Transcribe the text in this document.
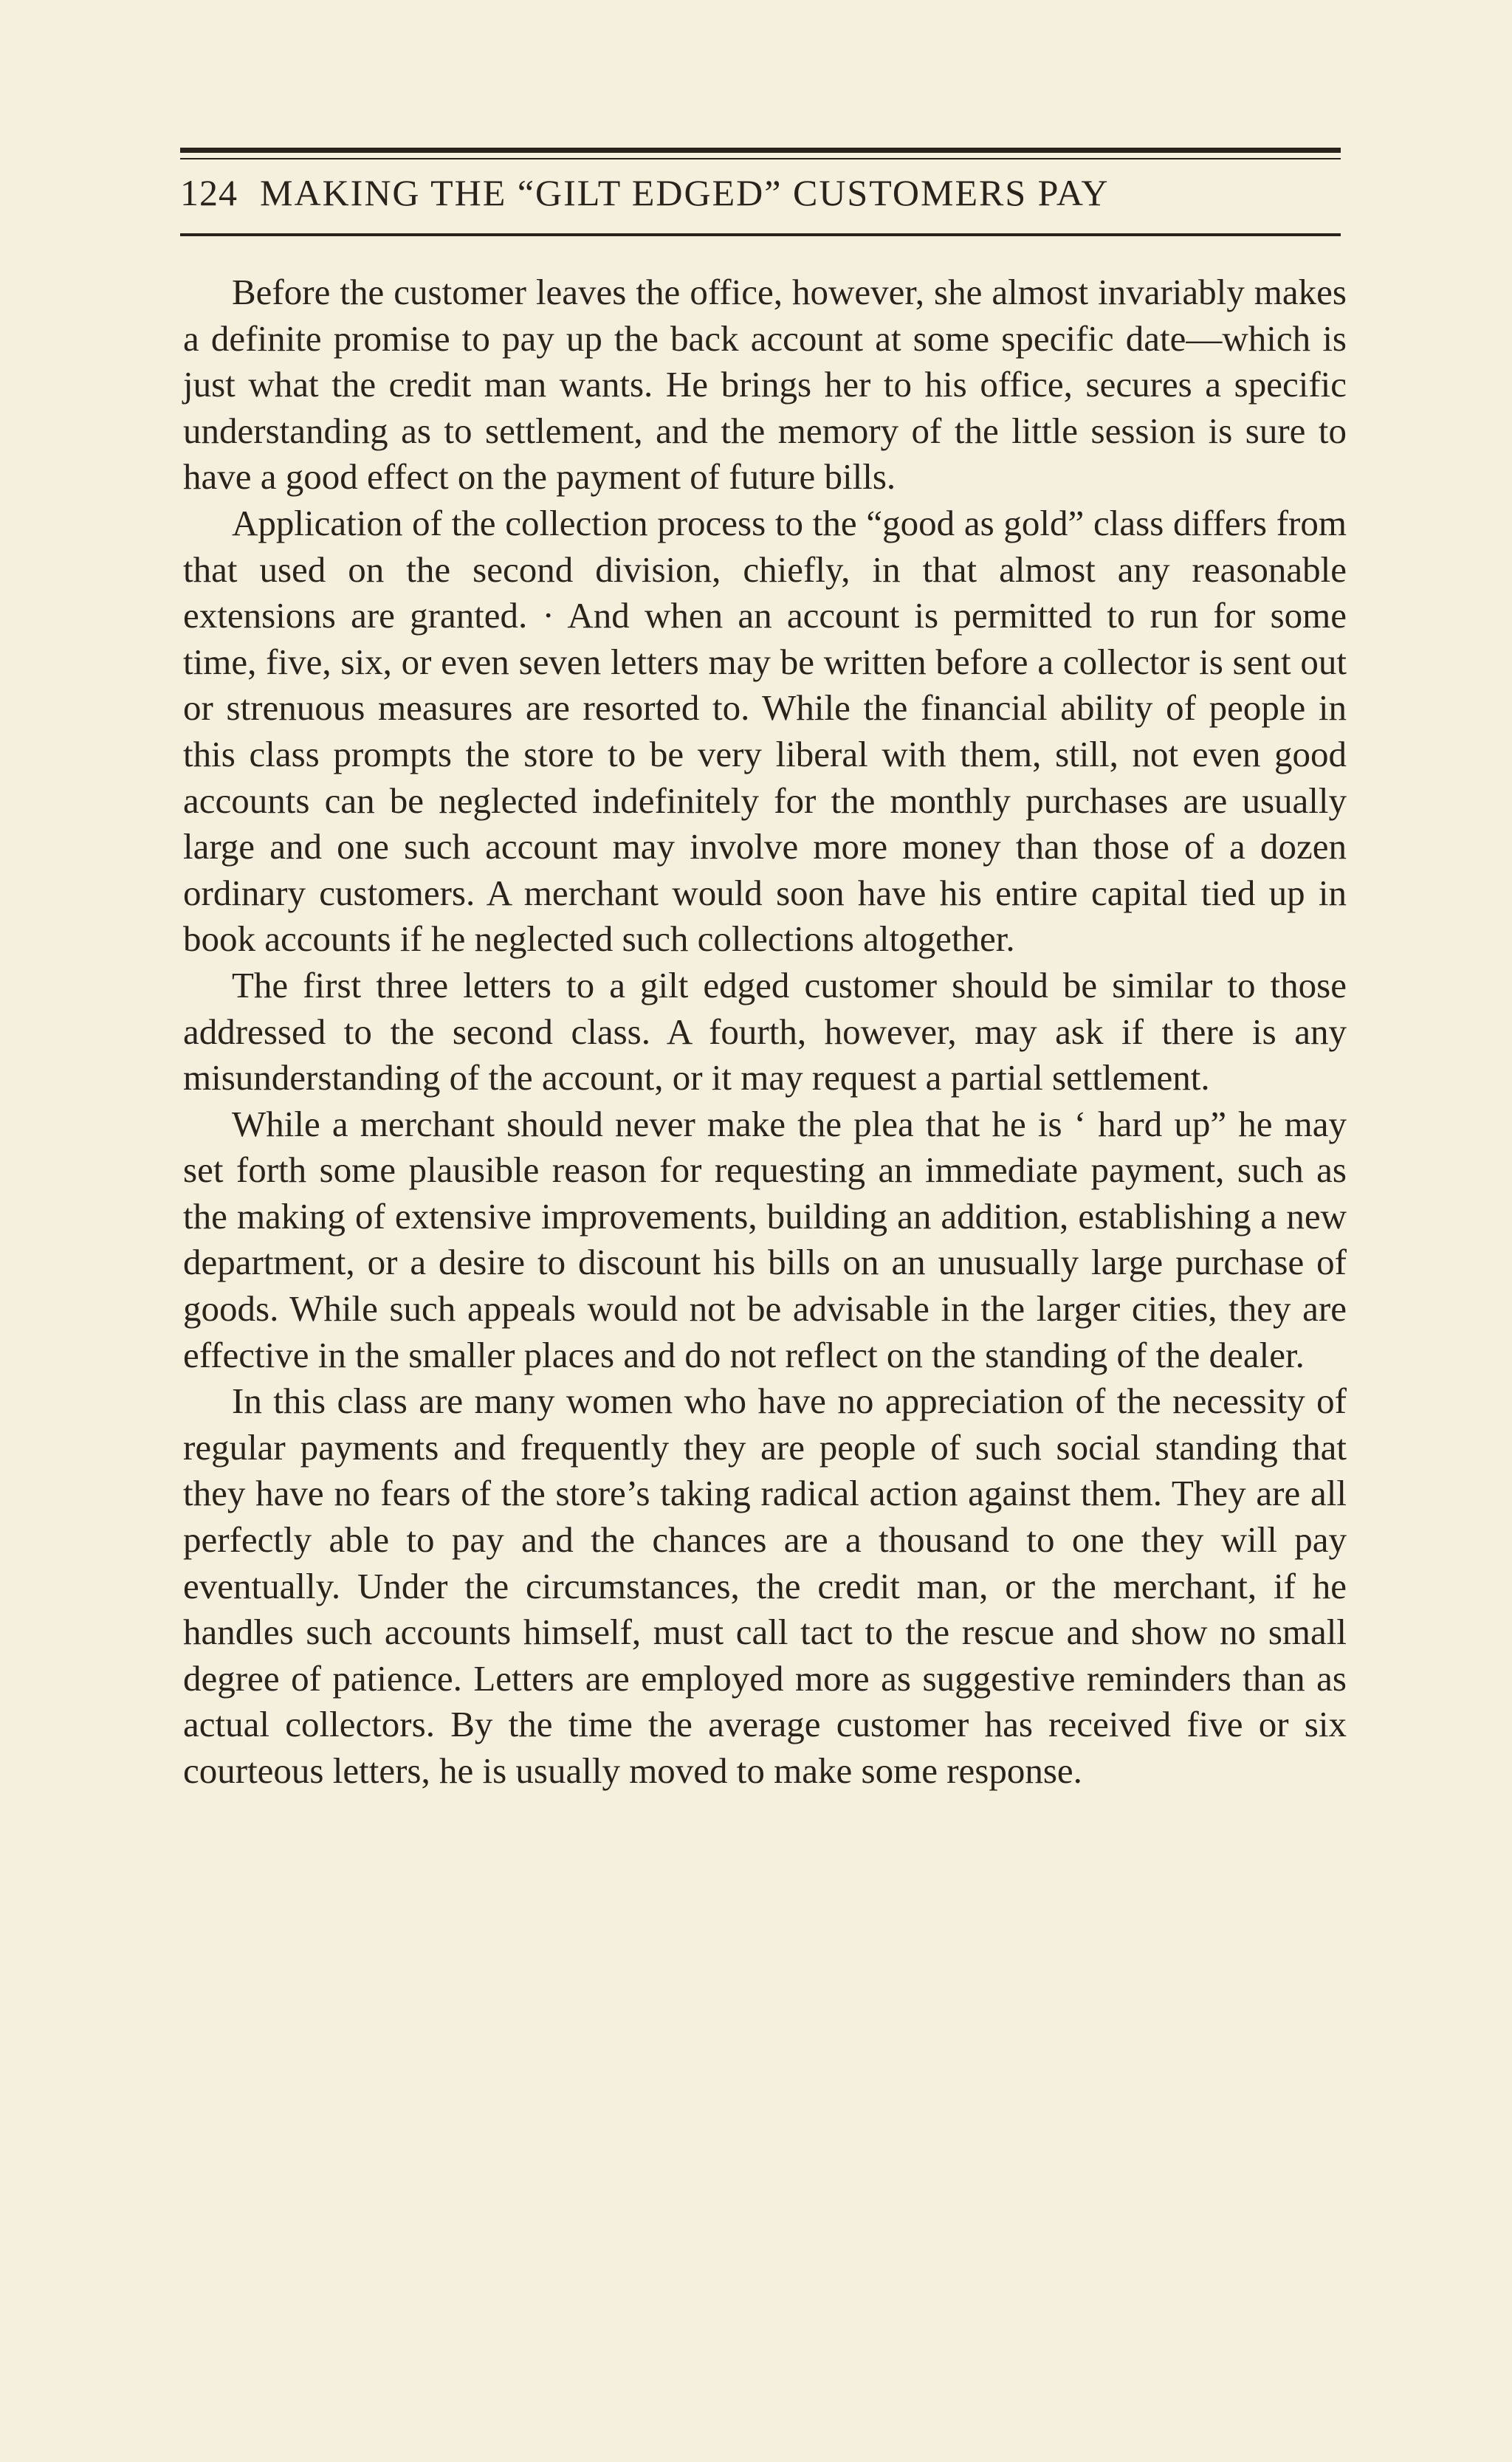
124 MAKING THE “GILT EDGED” CUSTOMERS PAY

Before the customer leaves the office, however, she almost invariably makes a definite promise to pay up the back account at some specific date—which is just what the credit man wants. He brings her to his office, secures a specific understanding as to settlement, and the memory of the little session is sure to have a good effect on the payment of future bills.

Application of the collection process to the “good as gold” class differs from that used on the second division, chiefly, in that almost any reasonable extensions are granted. · And when an account is permitted to run for some time, five, six, or even seven letters may be written before a collector is sent out or strenuous measures are resorted to. While the financial ability of people in this class prompts the store to be very liberal with them, still, not even good accounts can be neglected indefinitely for the monthly purchases are usually large and one such account may involve more money than those of a dozen ordinary customers. A merchant would soon have his entire capital tied up in book accounts if he neglected such collections altogether.

The first three letters to a gilt edged customer should be similar to those addressed to the second class. A fourth, however, may ask if there is any misunderstanding of the account, or it may request a partial settlement.

While a merchant should never make the plea that he is ‘ hard up” he may set forth some plausible reason for requesting an immediate payment, such as the making of extensive improvements, building an addition, establishing a new department, or a desire to discount his bills on an unusually large purchase of goods. While such appeals would not be advisable in the larger cities, they are effective in the smaller places and do not reflect on the standing of the dealer.

In this class are many women who have no appreciation of the necessity of regular payments and frequently they are people of such social standing that they have no fears of the store’s taking radical action against them. They are all perfectly able to pay and the chances are a thousand to one they will pay eventually. Under the circumstances, the credit man, or the merchant, if he handles such accounts himself, must call tact to the rescue and show no small degree of patience. Letters are employed more as suggestive reminders than as actual collectors. By the time the average customer has received five or six courteous letters, he is usually moved to make some response.
